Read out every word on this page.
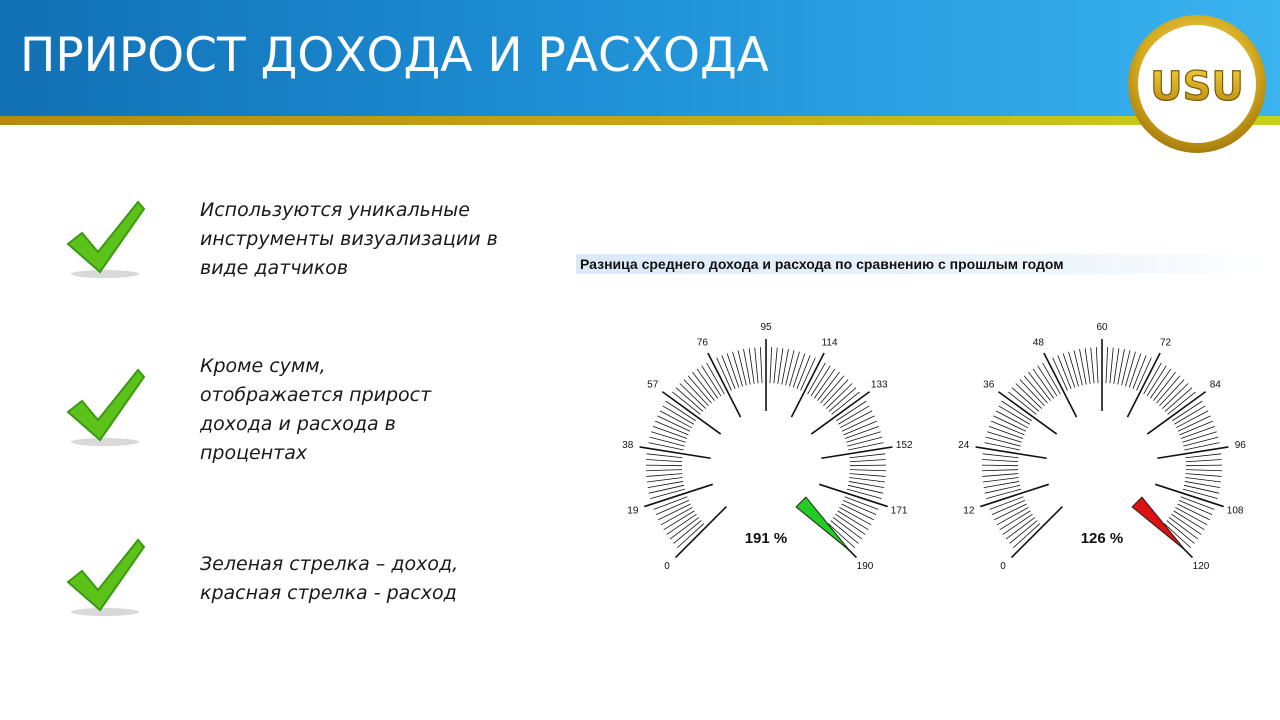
ПРИРОСТ ДОХОДА И РАСХОДА
USU
Используются уникальные
инструменты визуализации в
виде датчиков
Кроме сумм,
отображается прирост
дохода и расхода в
процентах
Зеленая стрелка – доход,
красная стрелка - расход
Разница среднего дохода и расхода по сравнению с прошлым годом
0
19
38
57
76
95
114
133
152
171
190
191 %
0
12
24
36
48
60
72
84
96
108
120
126 %
